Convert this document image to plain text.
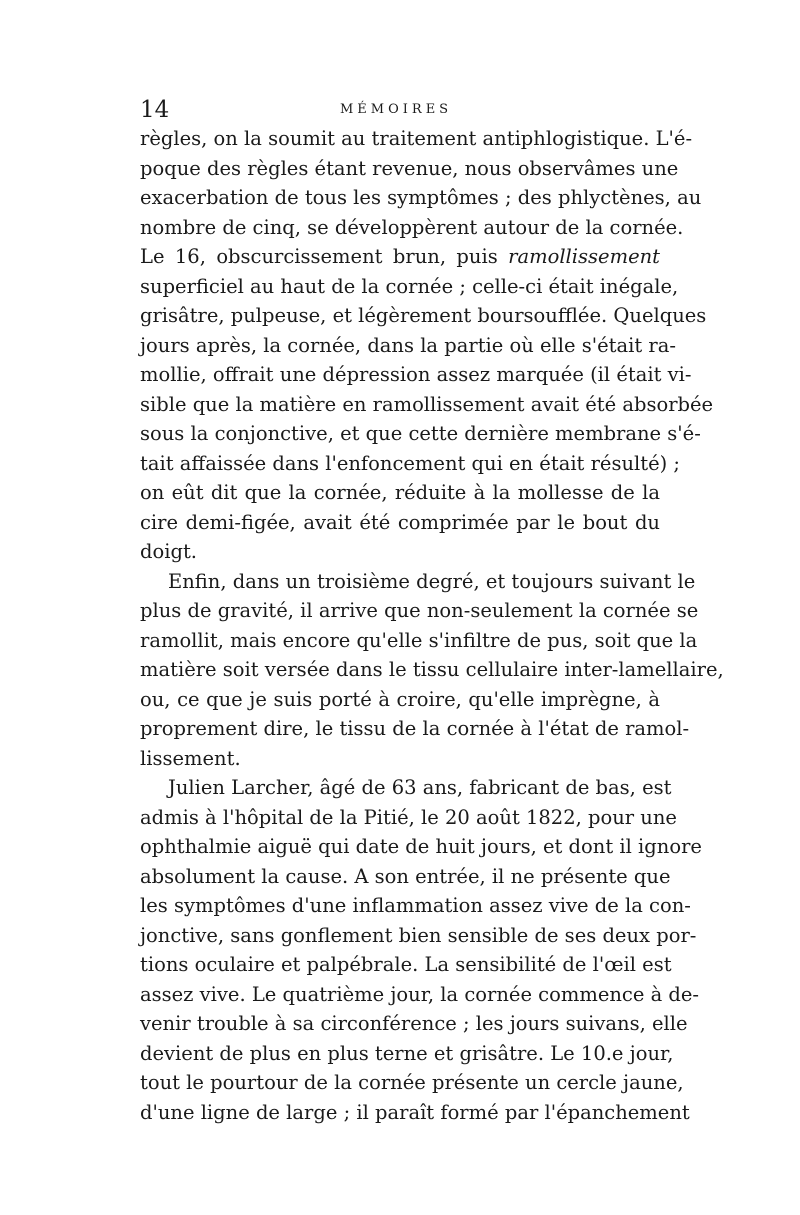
14	MÉMOIRES
règles, on la soumit au traitement antiphlogistique. L'é-
poque des règles étant revenue, nous observâmes une
exacerbation de tous les symptômes ; des phlyctènes, au
nombre de cinq, se développèrent autour de la cornée.
Le 16, obscurcissement brun, puis ramollissement
superficiel au haut de la cornée ; celle-ci était inégale,
grisâtre, pulpeuse, et légèrement boursoufflée. Quelques
jours après, la cornée, dans la partie où elle s'était ra-
mollie, offrait une dépression assez marquée (il était vi-
sible que la matière en ramollissement avait été absorbée
sous la conjonctive, et que cette dernière membrane s'é-
tait affaissée dans l'enfoncement qui en était résulté) ;
on eût dit que la cornée, réduite à la mollesse de la
cire demi-figée, avait été comprimée par le bout du
doigt.
Enfin, dans un troisième degré, et toujours suivant le
plus de gravité, il arrive que non-seulement la cornée se
ramollit, mais encore qu'elle s'infiltre de pus, soit que la
matière soit versée dans le tissu cellulaire inter-lamellaire,
ou, ce que je suis porté à croire, qu'elle imprègne, à
proprement dire, le tissu de la cornée à l'état de ramol-
lissement.
Julien Larcher, âgé de 63 ans, fabricant de bas, est
admis à l'hôpital de la Pitié, le 20 août 1822, pour une
ophthalmie aiguë qui date de huit jours, et dont il ignore
absolument la cause. A son entrée, il ne présente que
les symptômes d'une inflammation assez vive de la con-
jonctive, sans gonflement bien sensible de ses deux por-
tions oculaire et palpébrale. La sensibilité de l'œil est
assez vive. Le quatrième jour, la cornée commence à de-
venir trouble à sa circonférence ; les jours suivans, elle
devient de plus en plus terne et grisâtre. Le 10.e jour,
tout le pourtour de la cornée présente un cercle jaune,
d'une ligne de large ; il paraît formé par l'épanchement
